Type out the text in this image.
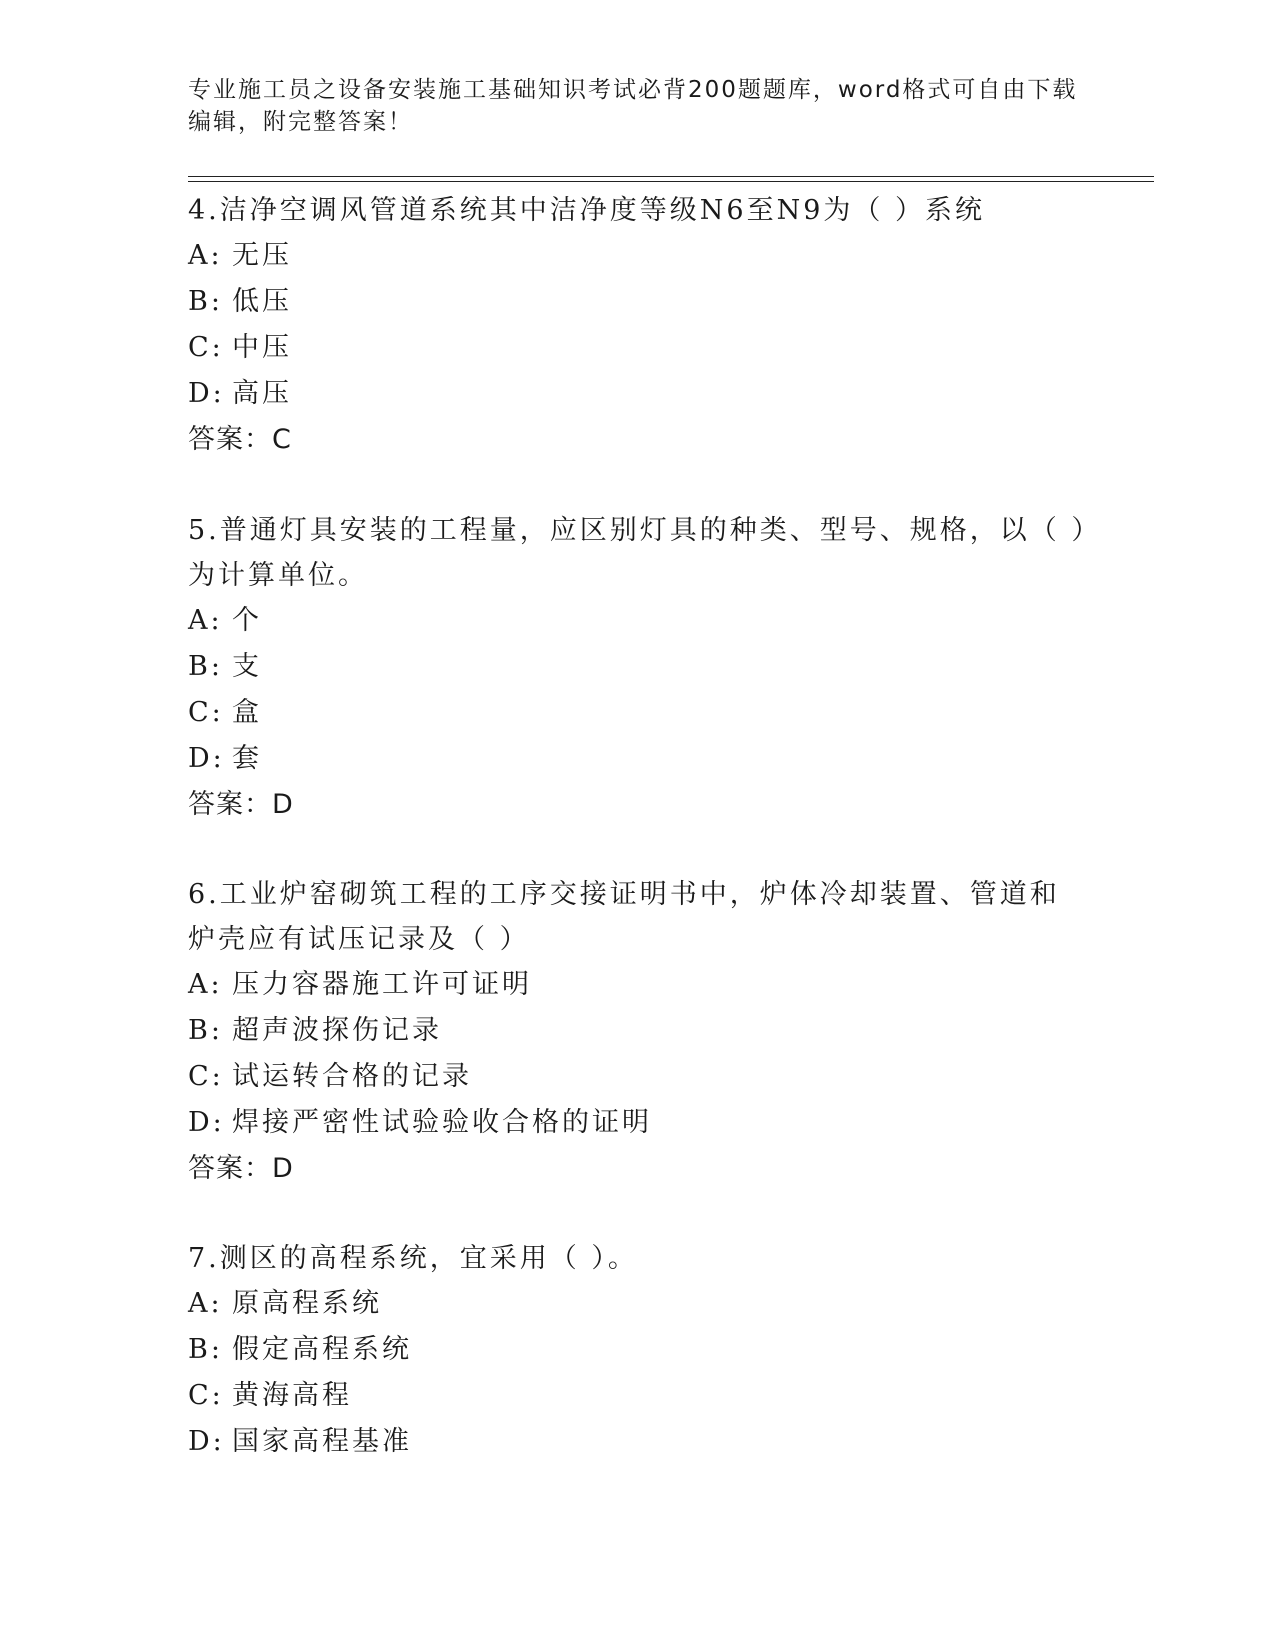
专业施工员之设备安装施工基础知识考试必背200题题库，word格式可自由下载
编辑，附完整答案！
4.洁净空调风管道系统其中洁净度等级N6至N9为（ ）系统
A: 无压
B: 低压
C: 中压
D: 高压
答案：C
5.普通灯具安装的工程量，应区别灯具的种类、型号、规格，以（ ）为计算单位。
A: 个
B: 支
C: 盒
D: 套
答案：D
6.工业炉窑砌筑工程的工序交接证明书中，炉体冷却装置、管道和炉壳应有试压记录及（ ）
A: 压力容器施工许可证明
B: 超声波探伤记录
C: 试运转合格的记录
D: 焊接严密性试验验收合格的证明
答案：D
7.测区的高程系统，宜采用（ ）。
A: 原高程系统
B: 假定高程系统
C: 黄海高程
D: 国家高程基准
